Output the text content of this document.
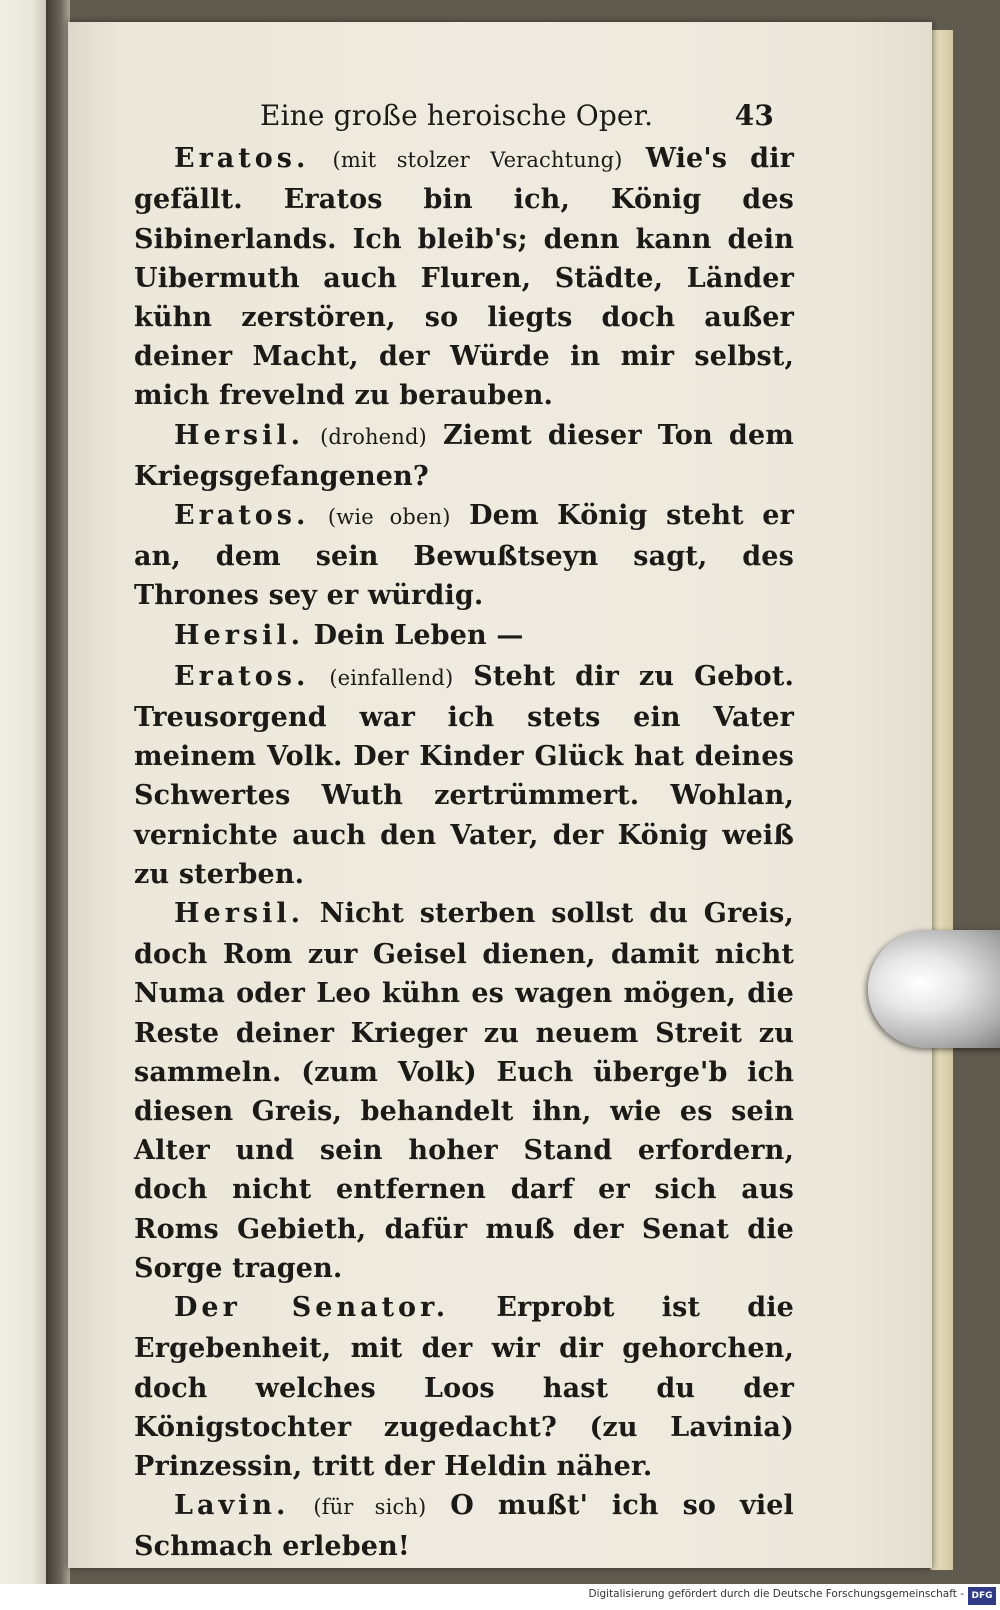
Eine große heroische Oper.	43

Eratos. (mit stolzer Verachtung) Wie's dir gefällt. Eratos bin ich, König des Sibinerlands. Ich bleib's; denn kann dein Uibermuth auch Fluren, Städte, Länder kühn zerstören, so liegts doch außer deiner Macht, der Würde in mir selbst, mich frevelnd zu berauben.

Hersil. (drohend) Ziemt dieser Ton dem Kriegsgefangenen?

Eratos. (wie oben) Dem König steht er an, dem sein Bewußtseyn sagt, des Thrones sey er würdig.

Hersil. Dein Leben —

Eratos. (einfallend) Steht dir zu Gebot. Treusorgend war ich stets ein Vater meinem Volk. Der Kinder Glück hat deines Schwertes Wuth zertrümmert. Wohlan, vernichte auch den Vater, der König weiß zu sterben.

Hersil. Nicht sterben sollst du Greis, doch Rom zur Geisel dienen, damit nicht Numa oder Leo kühn es wagen mögen, die Reste deiner Krieger zu neuem Streit zu sammeln. (zum Volk) Euch überge'b ich diesen Greis, behandelt ihn, wie es sein Alter und sein hoher Stand erfordern, doch nicht entfernen darf er sich aus Roms Gebieth, dafür muß der Senat die Sorge tragen.

Der Senator. Erprobt ist die Ergebenheit, mit der wir dir gehorchen, doch welches Loos hast du der Königstochter zugedacht? (zu Lavinia) Prinzessin, tritt der Heldin näher.

Lavin. (für sich) O mußt' ich so viel Schmach erleben!

Digitalisierung gefördert durch die Deutsche Forschungsgemeinschaft - DFG
